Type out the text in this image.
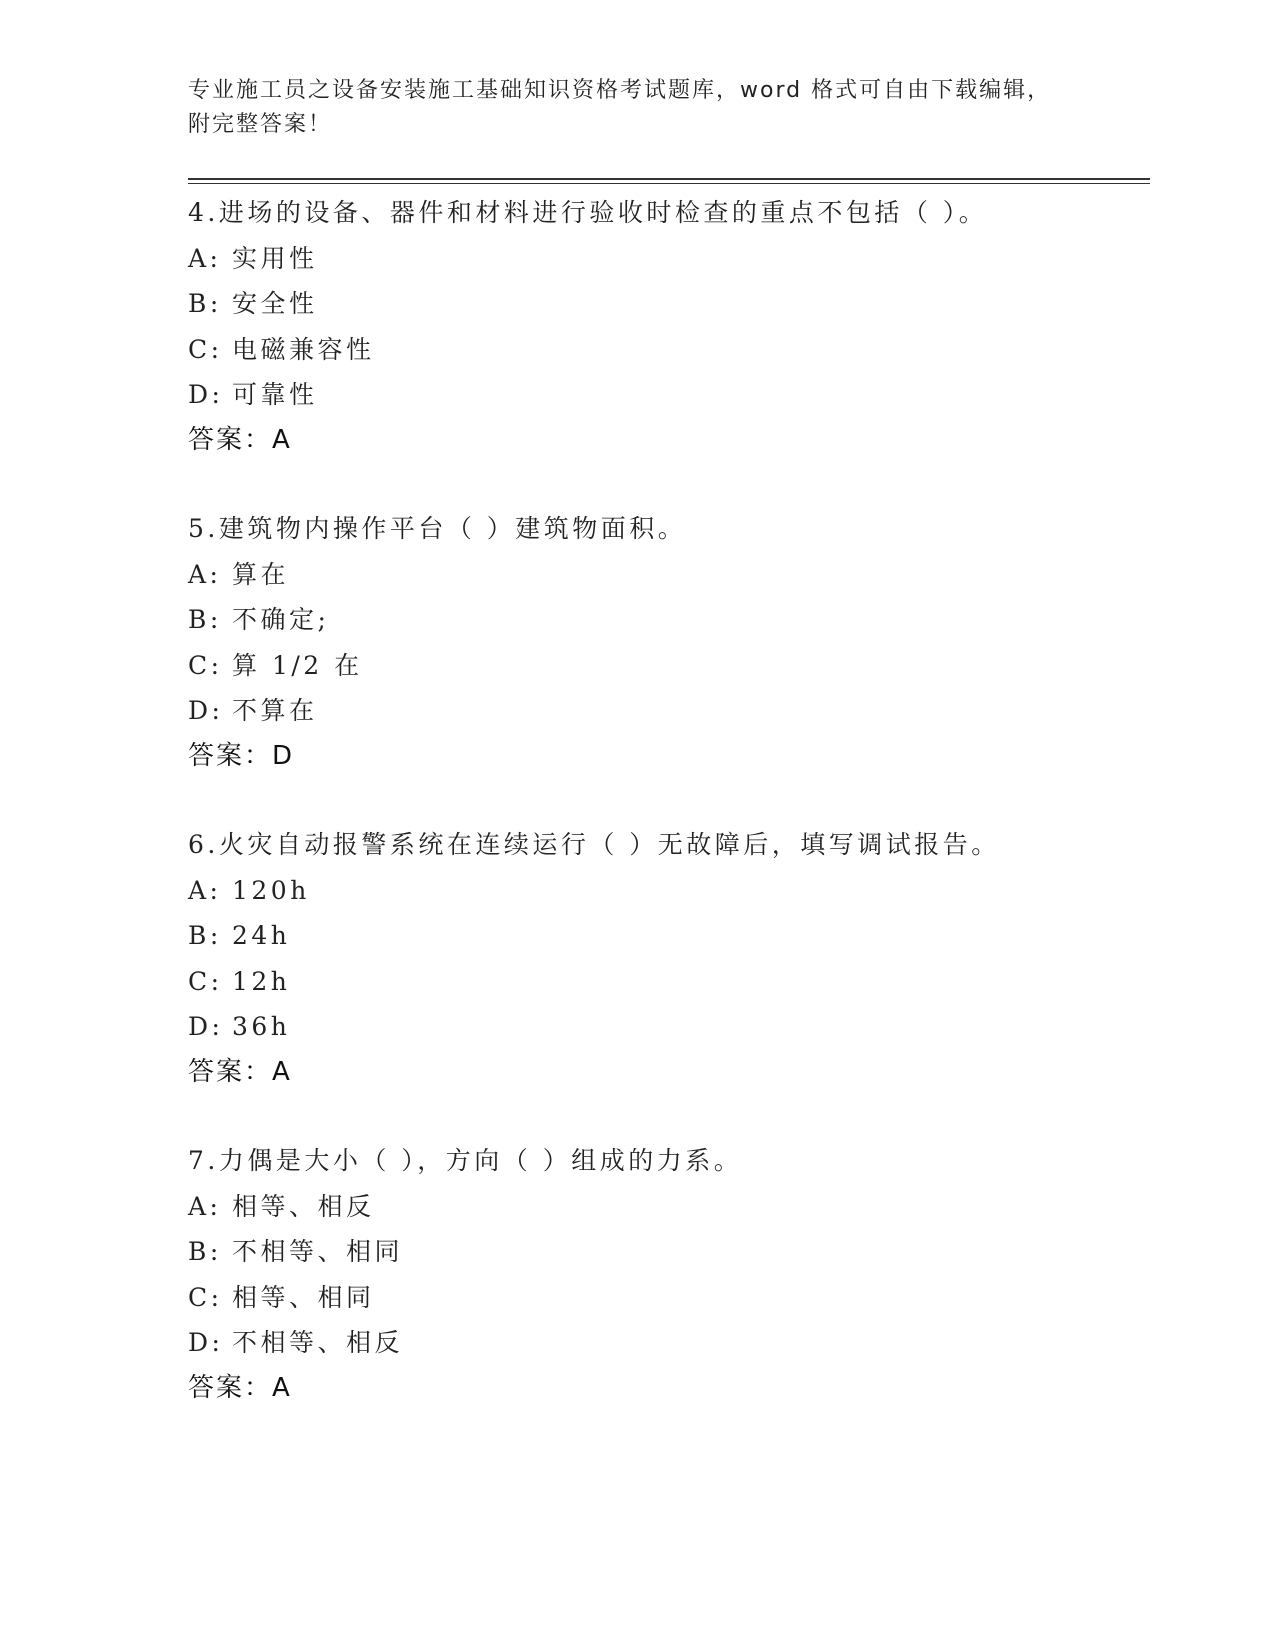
专业施工员之设备安装施工基础知识资格考试题库，word 格式可自由下载编辑，
附完整答案！
4.进场的设备、器件和材料进行验收时检查的重点不包括（ ）。
A: 实用性
B: 安全性
C: 电磁兼容性
D: 可靠性
答案：A
5.建筑物内操作平台（ ）建筑物面积。
A: 算在
B: 不确定;
C: 算 1/2 在
D: 不算在
答案：D
6.火灾自动报警系统在连续运行（ ）无故障后，填写调试报告。
A: 120h
B: 24h
C: 12h
D: 36h
答案：A
7.力偶是大小（ ），方向（ ）组成的力系。
A: 相等、相反
B: 不相等、相同
C: 相等、相同
D: 不相等、相反
答案：A
